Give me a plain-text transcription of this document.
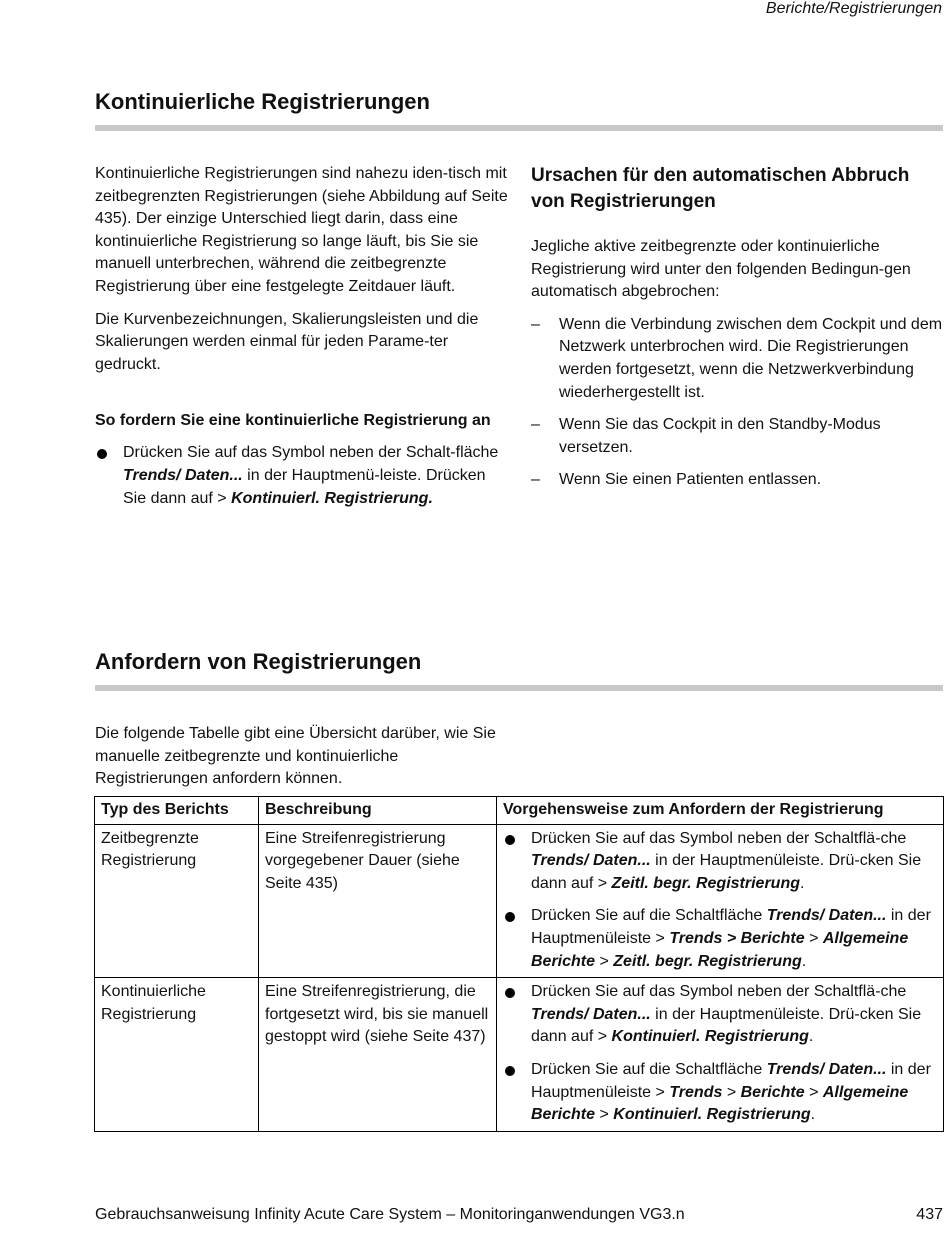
Berichte/Registrierungen
Kontinuierliche Registrierungen

Kontinuierliche Registrierungen sind nahezu iden-tisch mit zeitbegrenzten Registrierungen (siehe Abbildung auf Seite 435). Der einzige Unterschied liegt darin, dass eine kontinuierliche Registrierung so lange läuft, bis Sie sie manuell unterbrechen, während die zeitbegrenzte Registrierung über eine festgelegte Zeitdauer läuft.

Die Kurvenbezeichnungen, Skalierungsleisten und die Skalierungen werden einmal für jeden Parame-ter gedruckt.

So fordern Sie eine kontinuierliche Registrierung an
Drücken Sie auf das Symbol neben der Schalt-fläche Trends/ Daten... in der Hauptmenü-leiste. Drücken Sie dann auf > Kontinuierl. Registrierung.
Ursachen für den automatischen Abbruch von Registrierungen

Jegliche aktive zeitbegrenzte oder kontinuierliche Registrierung wird unter den folgenden Bedingun-gen automatisch abgebrochen:

– Wenn die Verbindung zwischen dem Cockpit und dem Netzwerk unterbrochen wird. Die Registrierungen werden fortgesetzt, wenn die Netzwerkverbindung wiederhergestellt ist.
– Wenn Sie das Cockpit in den Standby-Modus versetzen.
– Wenn Sie einen Patienten entlassen.
Anfordern von Registrierungen

Die folgende Tabelle gibt eine Übersicht darüber, wie Sie manuelle zeitbegrenzte und kontinuierliche Registrierungen anfordern können.

Typ des Berichts	Beschreibung	Vorgehensweise zum Anfordern der Registrierung
Zeitbegrenzte Registrierung	Eine Streifenregistrierung vorgegebener Dauer (siehe Seite 435)	Drücken Sie auf das Symbol neben der Schaltflä-che Trends/ Daten... in der Hauptmenüleiste. Drü-cken Sie dann auf > Zeitl. begr. Registrierung.
Drücken Sie auf die Schaltfläche Trends/ Daten... in der Hauptmenüleiste > Trends > Berichte > Allgemeine Berichte > Zeitl. begr. Registrierung.

Kontinuierliche Registrierung	Eine Streifenregistrierung, die fortgesetzt wird, bis sie manuell gestoppt wird (siehe Seite 437)	Drücken Sie auf das Symbol neben der Schaltflä-che Trends/ Daten... in der Hauptmenüleiste. Drü-cken Sie dann auf > Kontinuierl. Registrierung.
Drücken Sie auf die Schaltfläche Trends/ Daten... in der Hauptmenüleiste > Trends > Berichte > Allgemeine Berichte > Kontinuierl. Registrierung.
Gebrauchsanweisung Infinity Acute Care System – Monitoringanwendungen VG3.n	437
